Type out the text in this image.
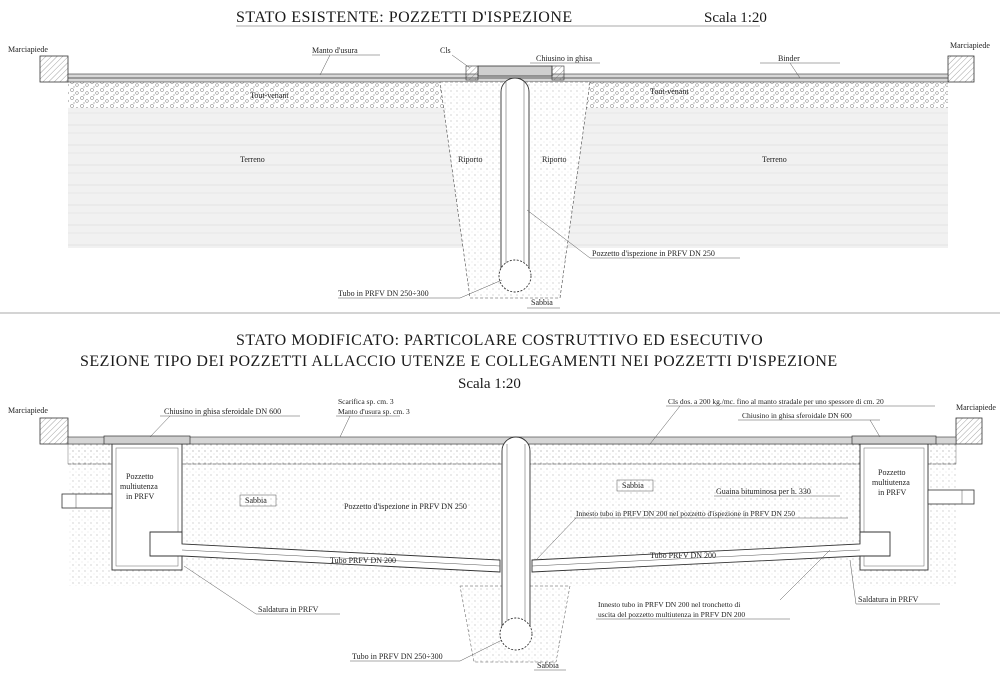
STATO ESISTENTE: POZZETTI D'ISPEZIONE	Scala 1:20
Marciapiede	Marciapiede
Manto d'usura	Cls
Chiusino in ghisa	Binder
Tout-venant	Tout-venant
Terreno	Terreno
Riporto	Riporto
Pozzetto d'ispezione in PRFV DN 250
Tubo in PRFV DN 250÷300
Sabbia
STATO MODIFICATO: PARTICOLARE COSTRUTTIVO ED ESECUTIVO
SEZIONE TIPO DEI POZZETTI ALLACCIO UTENZE E COLLEGAMENTI NEI POZZETTI D'ISPEZIONE
Scala 1:20
Marciapiede	Marciapiede
Chiusino in ghisa sferoidale DN 600
Scarifica sp. cm. 3
Manto d'usura sp. cm. 3
Cls dos. a 200 kg./mc. fino al manto stradale per uno spessore di cm. 20
Chiusino in ghisa sferoidale DN 600
Pozzetto
multiutenza
in PRFV
Pozzetto
multiutenza
in PRFV
Sabbia
Sabbia
Pozzetto d'ispezione in PRFV DN 250
Guaina bituminosa per h. 330
Innesto tubo in PRFV DN 200 nel pozzetto d'ispezione in PRFV DN 250
Tubo PRFV DN 200
Tubo PRFV DN 200
Saldatura in PRFV
Saldatura in PRFV
Innesto tubo in PRFV DN 200 nel tronchetto di
uscita del pozzetto multiutenza in PRFV DN 200
Tubo in PRFV DN 250÷300
Sabbia
